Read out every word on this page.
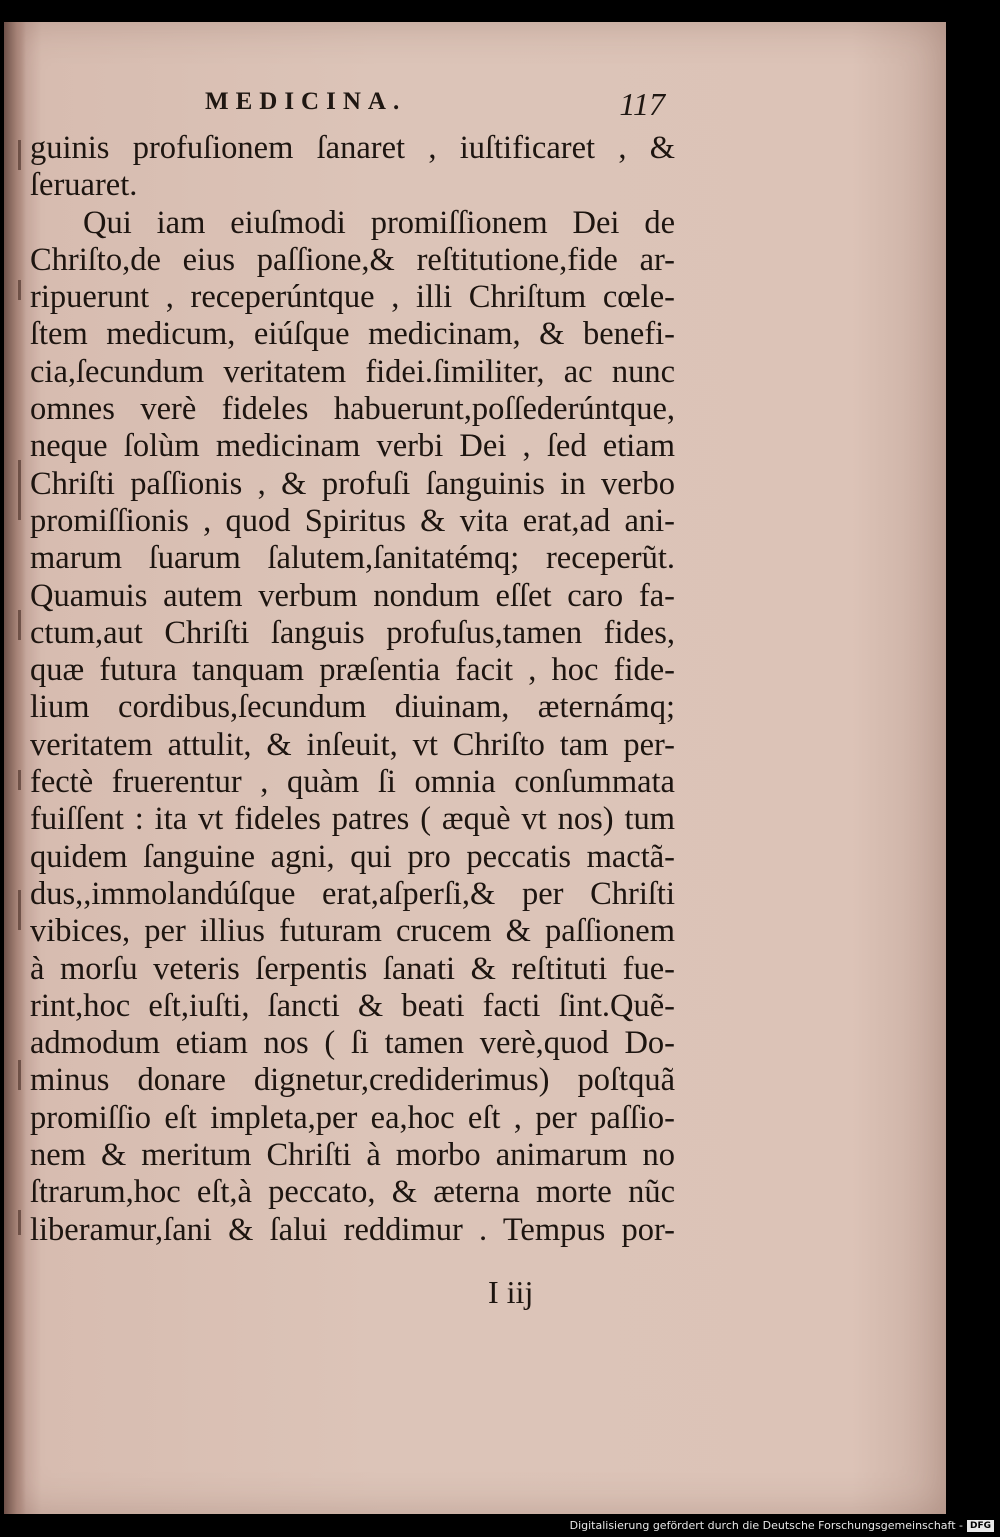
MEDICINA.	117
guinis profuſionem ſanaret , iuſtificaret , &
ſeruaret.
Qui iam eiuſmodi promiſſionem Dei de
Chriſto,de eius paſſione,& reſtitutione,fide ar-
ripuerunt , receperúntque , illi Chriſtum cœle-
ſtem medicum, eiúſque medicinam, & benefi-
cia,ſecundum veritatem fidei.ſimiliter, ac nunc
omnes verè fideles habuerunt,poſſederúntque,
neque ſolùm medicinam verbi Dei , ſed etiam
Chriſti paſſionis , & profuſi ſanguinis in verbo
promiſſionis , quod Spiritus & vita erat,ad ani-
marum ſuarum ſalutem,ſanitatémq; receperũt.
Quamuis autem verbum nondum eſſet caro fa-
ctum,aut Chriſti ſanguis profuſus,tamen fides,
quæ futura tanquam præſentia facit , hoc fide-
lium cordibus,ſecundum diuinam, æternámq;
veritatem attulit, & inſeuit, vt Chriſto tam per-
fectè fruerentur , quàm ſi omnia conſummata
fuiſſent : ita vt fideles patres ( æquè vt nos) tum
quidem ſanguine agni, qui pro peccatis mactã-
dus,,immolandúſque erat,aſperſi,& per Chriſti
vibices, per illius futuram crucem & paſſionem
à morſu veteris ſerpentis ſanati & reſtituti fue-
rint,hoc eſt,iuſti, ſancti & beati facti ſint.Quẽ-
admodum etiam nos ( ſi tamen verè,quod Do-
minus donare dignetur,crediderimus) poſtquã
promiſſio eſt impleta,per ea,hoc eſt , per paſſio-
nem & meritum Chriſti à morbo animarum no
ſtrarum,hoc eſt,à peccato, & æterna morte nũc
liberamur,ſani & ſalui reddimur . Tempus por-
I iij
Digitalisierung gefördert durch die Deutsche Forschungsgemeinschaft - DFG
